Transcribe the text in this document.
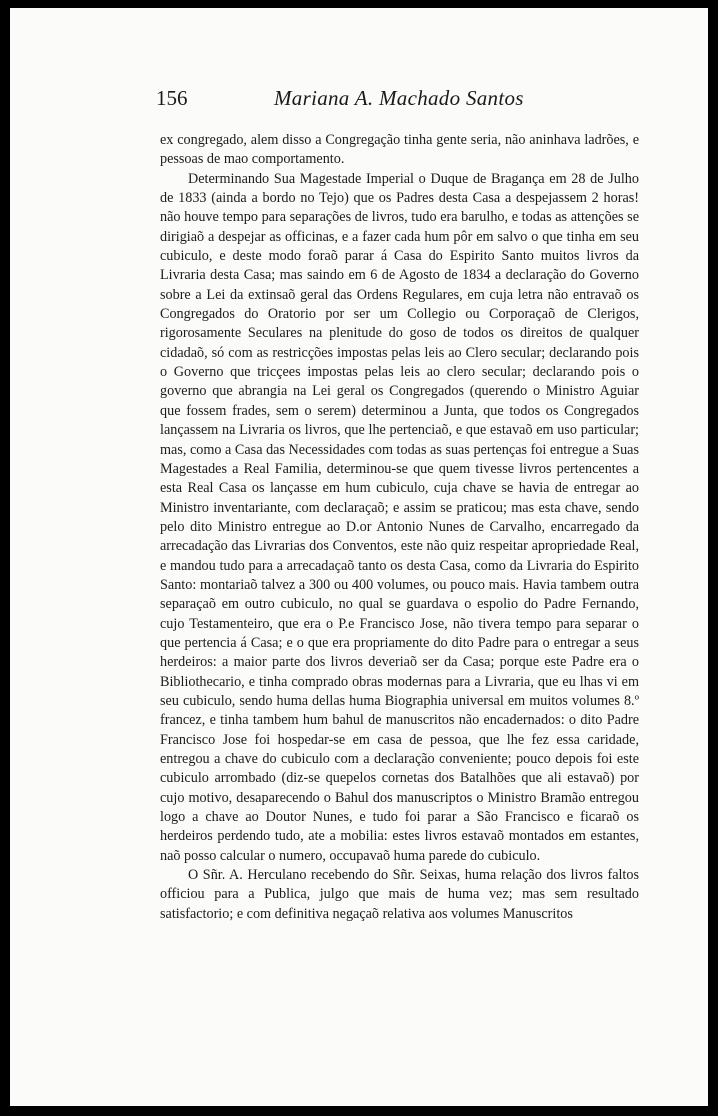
156	Mariana A. Machado Santos

ex congregado, alem disso a Congregação tinha gente seria, não aninhava ladrões, e pessoas de mao comportamento.

Determinando Sua Magestade Imperial o Duque de Bragança em 28 de Julho de 1833 (ainda a bordo no Tejo) que os Padres desta Casa a despejassem 2 horas! não houve tempo para separações de livros, tudo era barulho, e todas as attenções se dirigiaõ a despejar as officinas, e a fazer cada hum pôr em salvo o que tinha em seu cubiculo, e deste modo foraõ parar á Casa do Espirito Santo muitos livros da Livraria desta Casa; mas saindo em 6 de Agosto de 1834 a declaração do Governo sobre a Lei da extinsaõ geral das Ordens Regulares, em cuja letra não entravaõ os Congregados do Oratorio por ser um Collegio ou Corporaçaõ de Clerigos, rigorosamente Seculares na plenitude do goso de todos os direitos de qualquer cidadaõ, só com as restricções impostas pelas leis ao Clero secular; declarando pois o Governo que tricçees impostas pelas leis ao clero secular; declarando pois o governo que abrangia na Lei geral os Congregados (querendo o Ministro Aguiar que fossem frades, sem o serem) determinou a Junta, que todos os Congregados lançassem na Livraria os livros, que lhe pertenciaõ, e que estavaõ em uso particular; mas, como a Casa das Necessidades com todas as suas pertenças foi entregue a Suas Magestades a Real Familia, determinou-se que quem tivesse livros pertencentes a esta Real Casa os lançasse em hum cubiculo, cuja chave se havia de entregar ao Ministro inventariante, com declaraçaõ; e assim se praticou; mas esta chave, sendo pelo dito Ministro entregue ao D.or Antonio Nunes de Carvalho, encarregado da arrecadação das Livrarias dos Conventos, este não quiz respeitar apropriedade Real, e mandou tudo para a arrecadaçaõ tanto os desta Casa, como da Livraria do Espirito Santo: montariaõ talvez a 300 ou 400 volumes, ou pouco mais. Havia tambem outra separaçaõ em outro cubiculo, no qual se guardava o espolio do Padre Fernando, cujo Testamenteiro, que era o P.e Francisco Jose, não tivera tempo para separar o que pertencia á Casa; e o que era propriamente do dito Padre para o entregar a seus herdeiros: a maior parte dos livros deveriaõ ser da Casa; porque este Padre era o Bibliothecario, e tinha comprado obras modernas para a Livraria, que eu lhas vi em seu cubiculo, sendo huma dellas huma Biographia universal em muitos volumes 8.º francez, e tinha tambem hum bahul de manuscritos não encadernados: o dito Padre Francisco Jose foi hospedar-se em casa de pessoa, que lhe fez essa caridade, entregou a chave do cubiculo com a declaração conveniente; pouco depois foi este cubiculo arrombado (diz-se quepelos cornetas dos Batalhões que ali estavaõ) por cujo motivo, desaparecendo o Bahul dos manuscriptos o Ministro Bramão entregou logo a chave ao Doutor Nunes, e tudo foi parar a São Francisco e ficaraõ os herdeiros perdendo tudo, ate a mobilia: estes livros estavaõ montados em estantes, naõ posso calcular o numero, occupavaõ huma parede do cubiculo.

O Sñr. A. Herculano recebendo do Sñr. Seixas, huma relação dos livros faltos officiou para a Publica, julgo que mais de huma vez; mas sem resultado satisfactorio; e com definitiva negaçaõ relativa aos volumes Manuscritos
